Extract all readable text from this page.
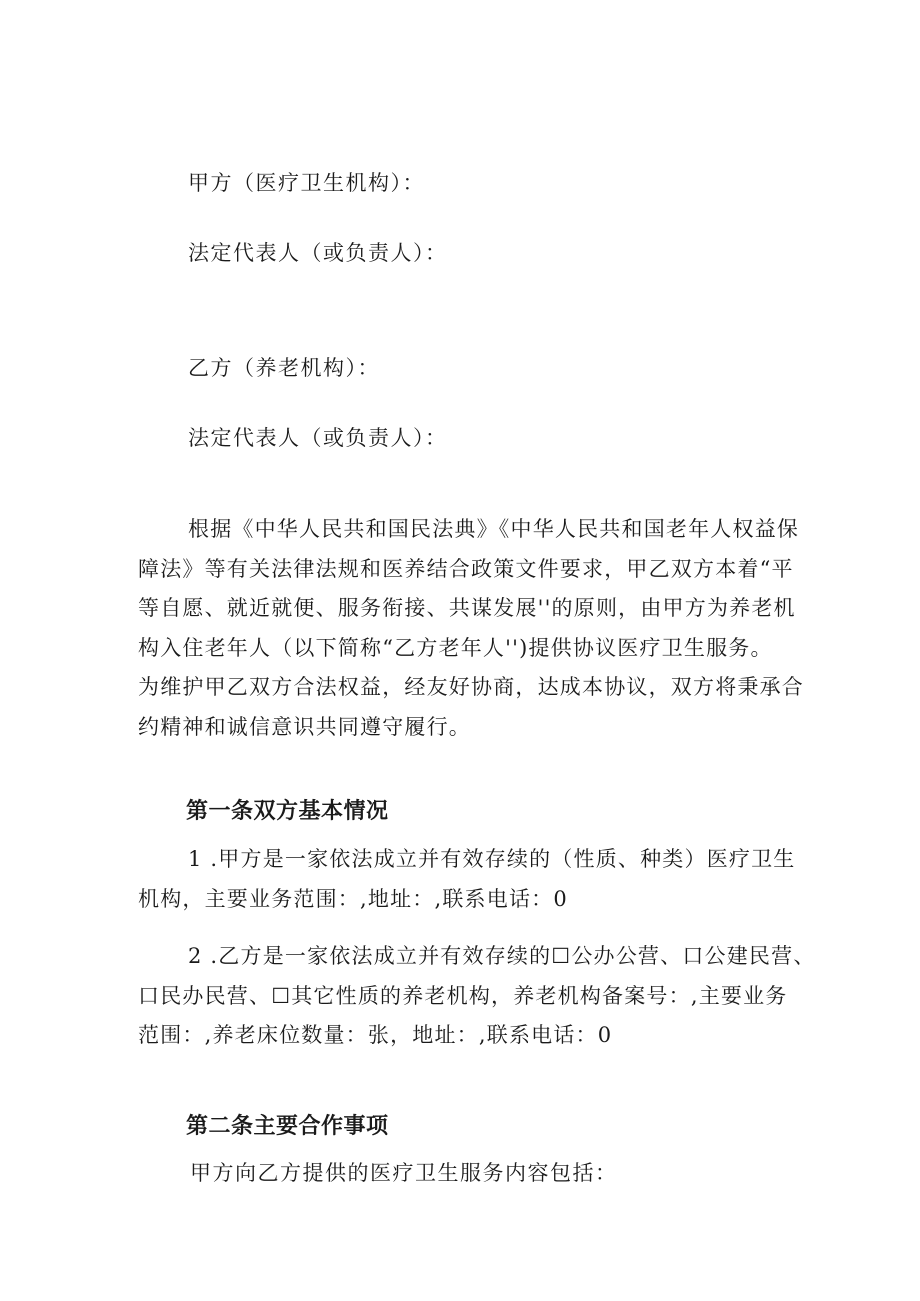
甲方（医疗卫生机构）：
法定代表人（或负责人）：
乙方（养老机构）：
法定代表人（或负责人）：
根据《中华人民共和国民法典》《中华人民共和国老年人权益保
障法》等有关法律法规和医养结合政策文件要求，甲乙双方本着“平
等自愿、就近就便、服务衔接、共谋发展''的原则，由甲方为养老机
构入住老年人（以下简称“乙方老年人'')提供协议医疗卫生服务。
为维护甲乙双方合法权益，经友好协商，达成本协议，双方将秉承合
约精神和诚信意识共同遵守履行。
第一条双方基本情况
1 .甲方是一家依法成立并有效存续的（性质、种类）医疗卫生
机构，主要业务范围：,地址：,联系电话：0
2 .乙方是一家依法成立并有效存续的☐公办公营、口公建民营、
口民办民营、☐其它性质的养老机构，养老机构备案号：,主要业务
范围：,养老床位数量：张，地址：,联系电话：0
第二条主要合作事项
甲方向乙方提供的医疗卫生服务内容包括：
